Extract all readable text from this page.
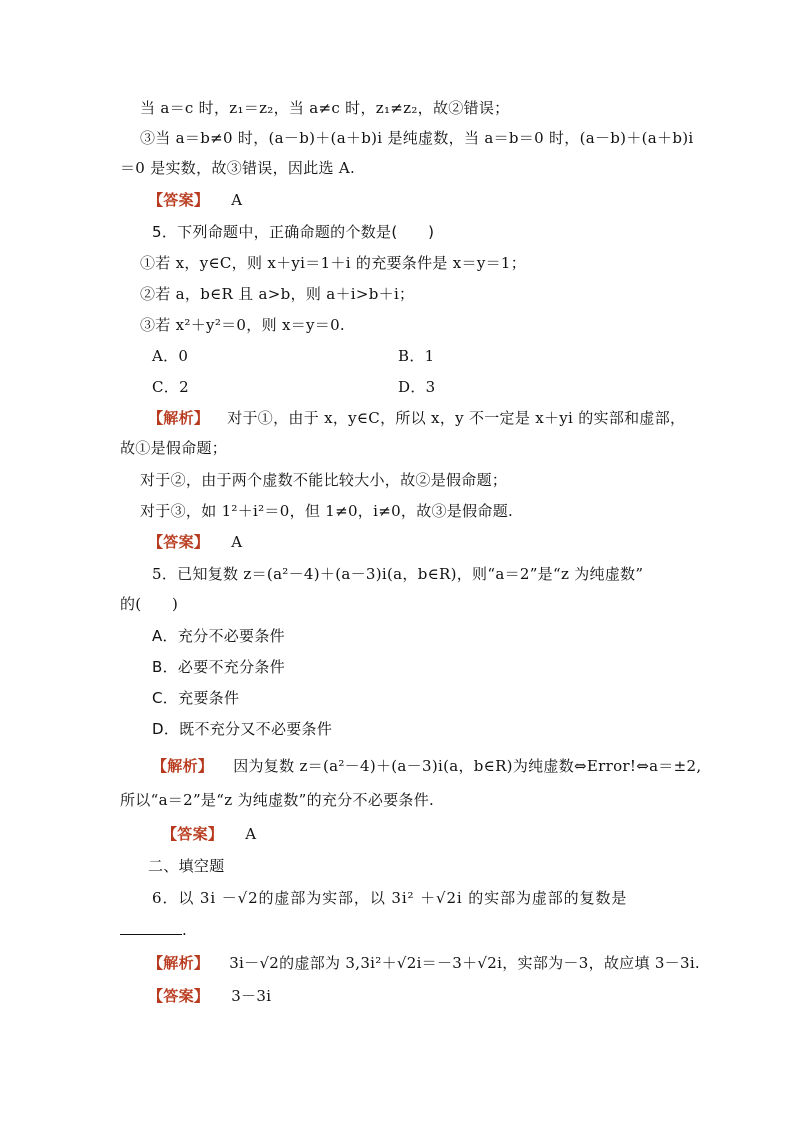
当 a＝c 时，z₁＝z₂，当 a≠c 时，z₁≠z₂，故②错误；
③当 a＝b≠0 时，(a－b)＋(a＋b)i 是纯虚数，当 a＝b＝0 时，(a－b)＋(a＋b)i
＝0 是实数，故③错误，因此选 A.
【答案】 A
5．下列命题中，正确命题的个数是(　　)
①若 x，y∈C，则 x＋yi＝1＋i 的充要条件是 x＝y＝1；
②若 a，b∈R 且 a>b，则 a＋i>b＋i；
③若 x²＋y²＝0，则 x＝y＝0.
A．0	B．1
C．2	D．3
【解析】 对于①，由于 x，y∈C，所以 x，y 不一定是 x＋yi 的实部和虚部，
故①是假命题；
对于②，由于两个虚数不能比较大小，故②是假命题；
对于③，如 1²＋i²＝0，但 1≠0，i≠0，故③是假命题.
【答案】 A
5．已知复数 z＝(a²－4)＋(a－3)i(a，b∈R)，则“a＝2”是“z 为纯虚数”
的(　　)
A．充分不必要条件
B．必要不充分条件
C．充要条件
D．既不充分又不必要条件
【解析】 因为复数 z＝(a²－4)＋(a－3)i(a，b∈R)为纯虚数⇔Error!⇔a＝±2,
所以“a＝2”是“z 为纯虚数”的充分不必要条件.
【答案】 A
二、填空题
6．以 3i －√2的虚部为实部，以 3i² ＋√2i 的实部为虚部的复数是
.
【解析】 3i－√2的虚部为 3,3i²＋√2i＝－3＋√2i，实部为－3，故应填 3－3i.
【答案】 3－3i
